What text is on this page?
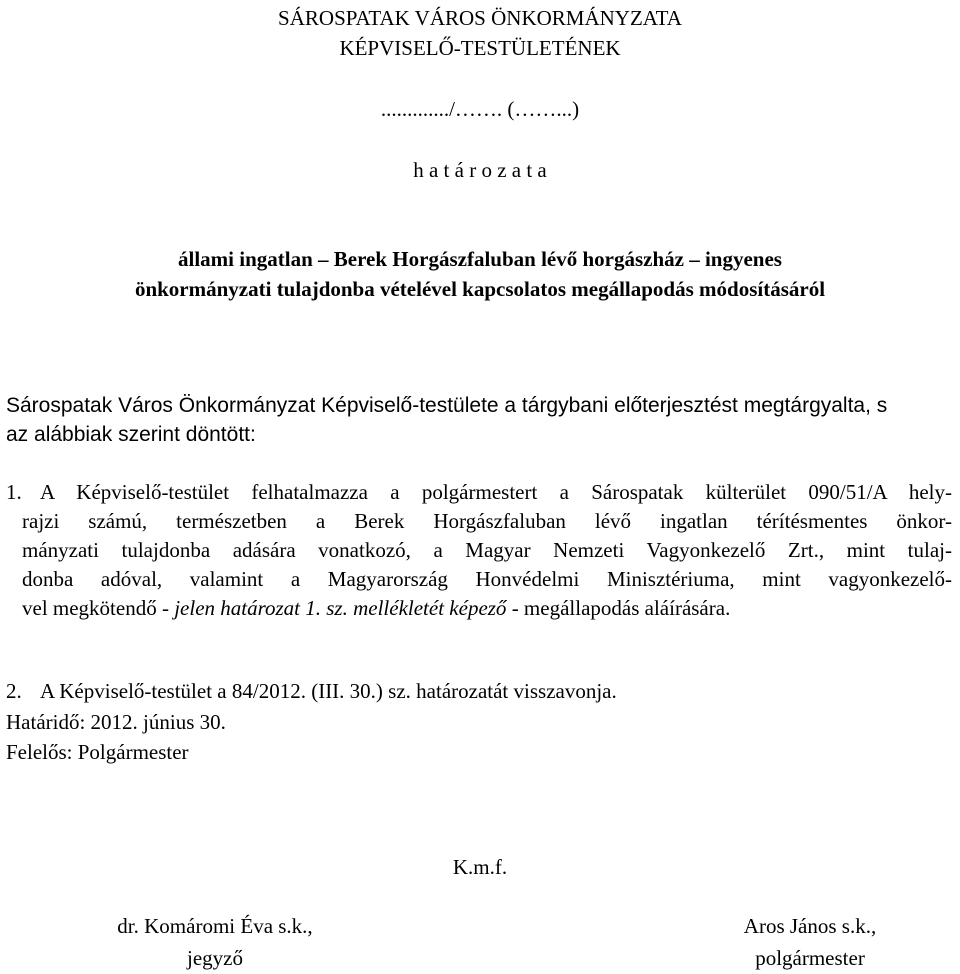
SÁROSPATAK VÁROS ÖNKORMÁNYZATA
KÉPVISELŐ-TESTÜLETÉNEK
............./……. (……...)
h a t á r o z a t a
állami ingatlan – Berek Horgászfaluban lévő horgászház – ingyenes
önkormányzati tulajdonba vételével kapcsolatos megállapodás módosításáról
Sárospatak Város Önkormányzat Képviselő-testülete a tárgybani előterjesztést megtárgyalta, s
az alábbiak szerint döntött:
1. A Képviselő-testület felhatalmazza a polgármestert a Sárospatak külterület 090/51/A hely-
rajzi számú, természetben a Berek Horgászfaluban lévő ingatlan térítésmentes önkor-
mányzati tulajdonba adására vonatkozó, a Magyar Nemzeti Vagyonkezelő Zrt., mint tulaj-
donba adóval, valamint a Magyarország Honvédelmi Minisztériuma, mint vagyonkezelő-
vel megkötendő - jelen határozat 1. sz. mellékletét képező - megállapodás aláírására.
2. A Képviselő-testület a 84/2012. (III. 30.) sz. határozatát visszavonja.
Határidő: 2012. június 30.
Felelős: Polgármester
K.m.f.
dr. Komáromi Éva s.k.,
jegyző
Aros János s.k.,
polgármester
